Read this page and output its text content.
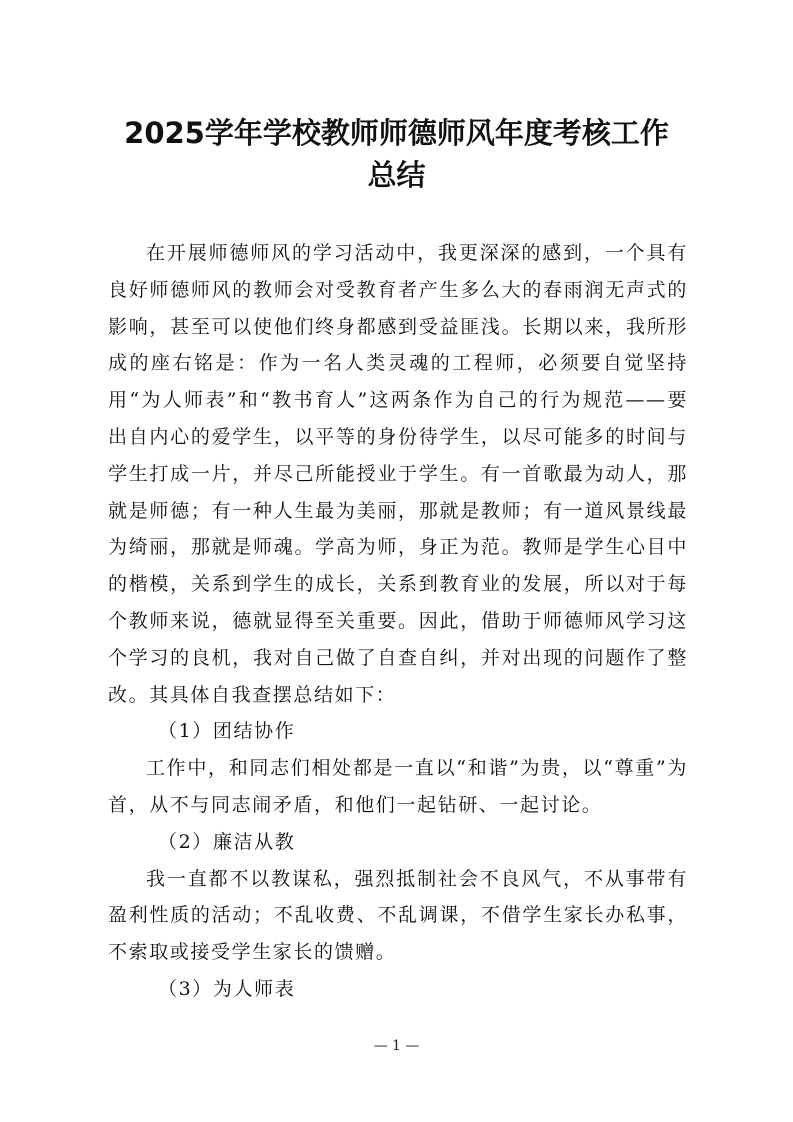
2025学年学校教师师德师风年度考核工作
总结

在开展师德师风的学习活动中，我更深深的感到，一个具有良好师德师风的教师会对受教育者产生多么大的春雨润无声式的影响，甚至可以使他们终身都感到受益匪浅。长期以来，我所形成的座右铭是：作为一名人类灵魂的工程师，必须要自觉坚持用“为人师表”和“教书育人”这两条作为自己的行为规范——要出自内心的爱学生，以平等的身份待学生，以尽可能多的时间与学生打成一片，并尽己所能授业于学生。有一首歌最为动人，那就是师德；有一种人生最为美丽，那就是教师；有一道风景线最为绮丽，那就是师魂。学高为师，身正为范。教师是学生心目中的楷模，关系到学生的成长，关系到教育业的发展，所以对于每个教师来说，德就显得至关重要。因此，借助于师德师风学习这个学习的良机，我对自己做了自查自纠，并对出现的问题作了整改。其具体自我查摆总结如下：

（1）团结协作

工作中，和同志们相处都是一直以“和谐”为贵，以“尊重”为首，从不与同志闹矛盾，和他们一起钻研、一起讨论。

（2）廉洁从教

我一直都不以教谋私，强烈抵制社会不良风气，不从事带有盈利性质的活动；不乱收费、不乱调课，不借学生家长办私事，不索取或接受学生家长的馈赠。

（3）为人师表

— 1 —
